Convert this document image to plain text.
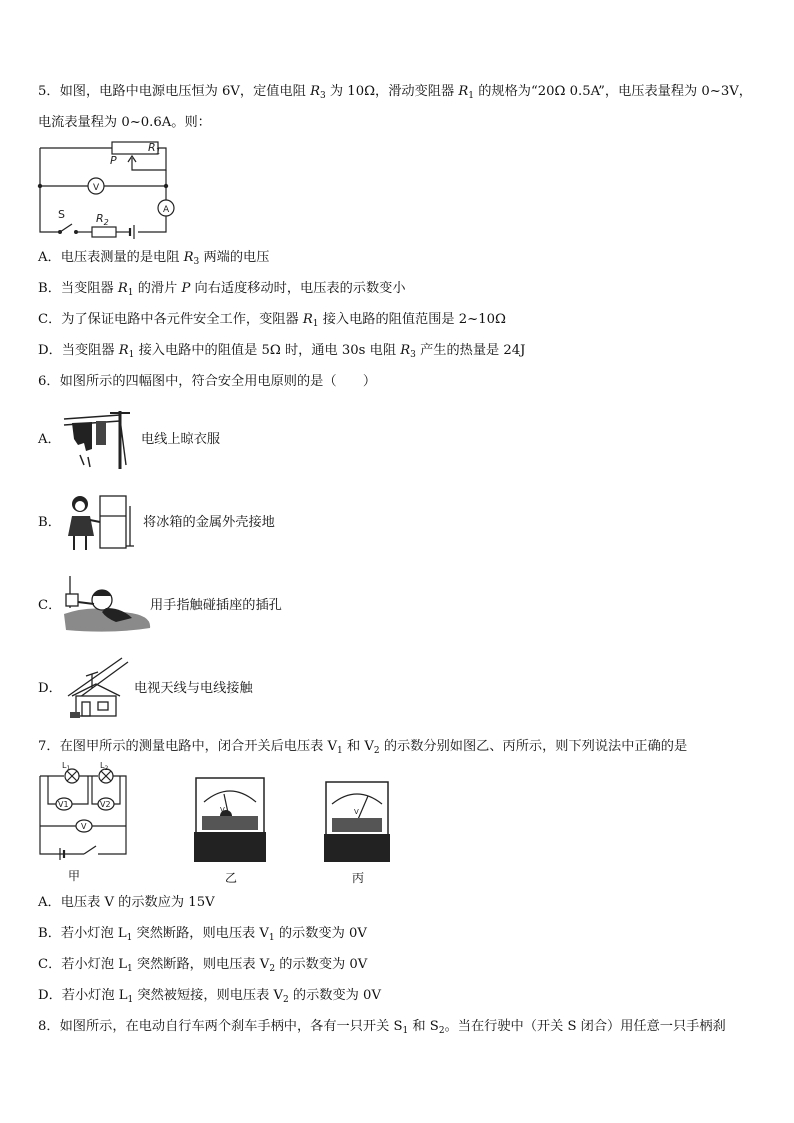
5．如图，电路中电源电压恒为 6V，定值电阻 $R_3$ 为 10Ω，滑动变阻器 $R_1$ 的规格为“20Ω 0.5A”，电压表量程为 0~3V，
电流表量程为 0~0.6A。则：
$R_1$
P
V
A
S	$R_2$
A．电压表测量的是电阻 $R_3$ 两端的电压
B．当变阻器 $R_1$ 的滑片 P 向右适度移动时，电压表的示数变小
C．为了保证电路中各元件安全工作，变阻器 $R_1$ 接入电路的阻值范围是 2~10Ω
D．当变阻器 $R_1$ 接入电路中的阻值是 5Ω 时，通电 30s 电阻 $R_3$ 产生的热量是 24J
6．如图所示的四幅图中，符合安全用电原则的是（　　）
A．	电线上晾衣服
B．	将冰箱的金属外壳接地
C．	用手指触碰插座的插孔
D．	电视天线与电线接触
7．在图甲所示的测量电路中，闭合开关后电压表 $V_1$ 和 $V_2$ 的示数分别如图乙、丙所示，则下列说法中正确的是
$L_1$	$L_2$
V1	V2
V
甲
V
乙
V
丙
A．电压表 V 的示数应为 15V
B．若小灯泡 $L_1$ 突然断路，则电压表 $V_1$ 的示数变为 0V
C．若小灯泡 $L_1$ 突然断路，则电压表 $V_2$ 的示数变为 0V
D．若小灯泡 $L_1$ 突然被短接，则电压表 $V_2$ 的示数变为 0V
8．如图所示，在电动自行车两个刹车手柄中，各有一只开关 $S_1$ 和 $S_2$。当在行驶中（开关 S 闭合）用任意一只手柄刹
